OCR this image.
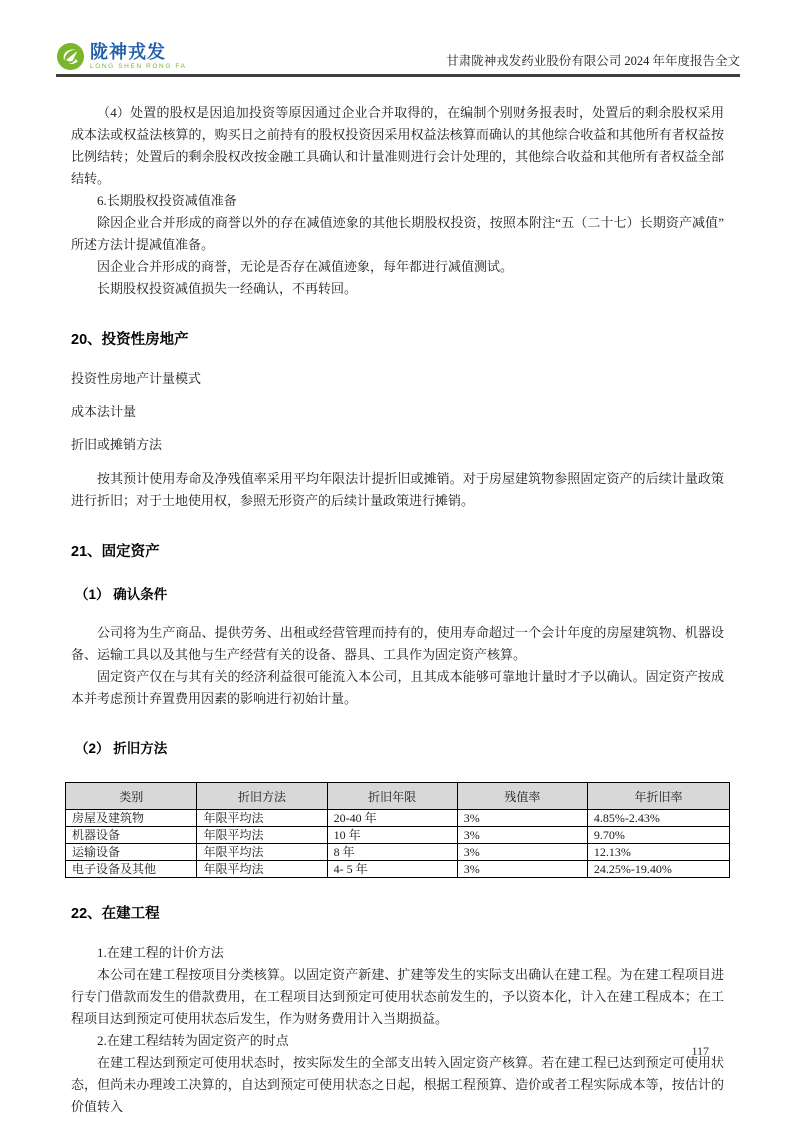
陇神戎发
LONG SHEN RONG FA	甘肃陇神戎发药业股份有限公司 2024 年年度报告全文

（4）处置的股权是因追加投资等原因通过企业合并取得的，在编制个别财务报表时，处置后的剩余股权采用成本法或权益法核算的，购买日之前持有的股权投资因采用权益法核算而确认的其他综合收益和其他所有者权益按比例结转；处置后的剩余股权改按金融工具确认和计量准则进行会计处理的，其他综合收益和其他所有者权益全部结转。

6.长期股权投资减值准备

除因企业合并形成的商誉以外的存在减值迹象的其他长期股权投资，按照本附注“五（二十七）长期资产减值”所述方法计提减值准备。

因企业合并形成的商誉，无论是否存在减值迹象，每年都进行减值测试。

长期股权投资减值损失一经确认，不再转回。

20、投资性房地产

投资性房地产计量模式

成本法计量

折旧或摊销方法

按其预计使用寿命及净残值率采用平均年限法计提折旧或摊销。对于房屋建筑物参照固定资产的后续计量政策进行折旧；对于土地使用权，参照无形资产的后续计量政策进行摊销。

21、固定资产
（1） 确认条件

公司将为生产商品、提供劳务、出租或经营管理而持有的，使用寿命超过一个会计年度的房屋建筑物、机器设备、运输工具以及其他与生产经营有关的设备、器具、工具作为固定资产核算。

固定资产仅在与其有关的经济利益很可能流入本公司，且其成本能够可靠地计量时才予以确认。固定资产按成本并考虑预计弃置费用因素的影响进行初始计量。

（2） 折旧方法
类别	折旧方法	折旧年限	残值率	年折旧率
房屋及建筑物	年限平均法	20-40 年	3%	4.85%-2.43%
机器设备	年限平均法	10 年	3%	9.70%
运输设备	年限平均法	8 年	3%	12.13%
电子设备及其他	年限平均法	4- 5 年	3%	24.25%-19.40%
22、在建工程

1.在建工程的计价方法

本公司在建工程按项目分类核算。以固定资产新建、扩建等发生的实际支出确认在建工程。为在建工程项目进行专门借款而发生的借款费用，在工程项目达到预定可使用状态前发生的，予以资本化，计入在建工程成本；在工程项目达到预定可使用状态后发生，作为财务费用计入当期损益。

2.在建工程结转为固定资产的时点

在建工程达到预定可使用状态时，按实际发生的全部支出转入固定资产核算。若在建工程已达到预定可使用状态，但尚未办理竣工决算的，自达到预定可使用状态之日起，根据工程预算、造价或者工程实际成本等，按估计的价值转入

117
